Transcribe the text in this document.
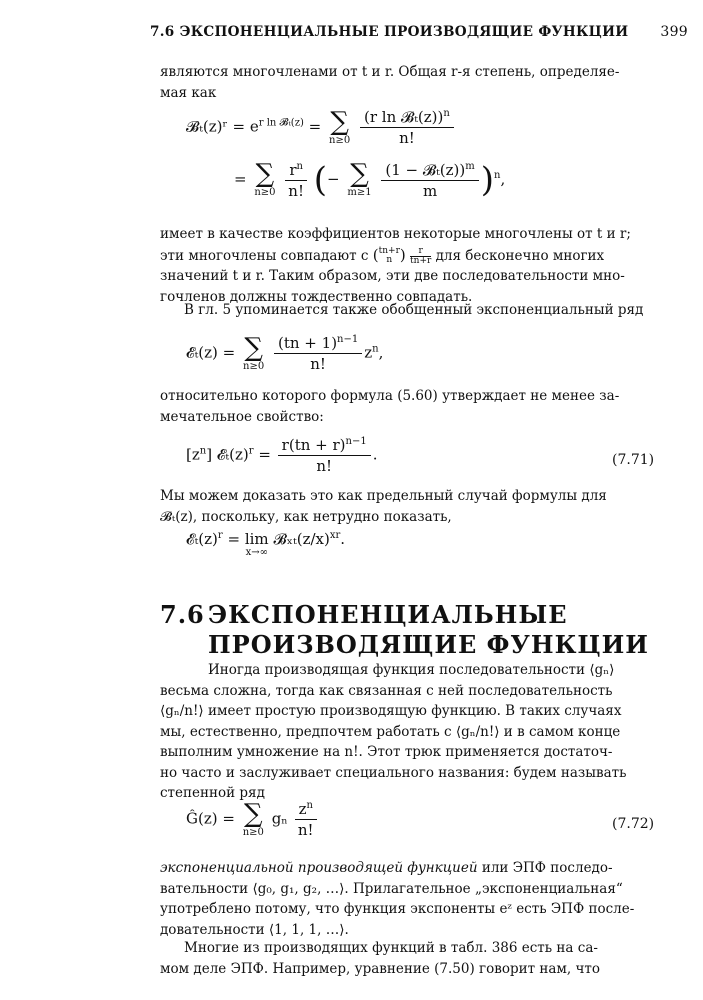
7.6 ЭКСПОНЕНЦИАЛЬНЫЕ ПРОИЗВОДЯЩИЕ ФУНКЦИИ 399
являются многочленами от t и r. Общая r-я степень, определяе-
мая как
𝓑ₜ(z)ʳ = $e^{r ln 𝓑_t(z)}$ = ∑
n≥0
$\frac{(r \ln 𝓑_t(z))^n}{n!}$
= ∑
n≥0
$\frac{r^n}{n!}$ (− ∑
m≥1
$\frac{(1 - 𝓑_t(z))^m}{m} )^n$,
имеет в качестве коэффициентов некоторые многочлены от t и r;
эти многочлены совпадают с ( tn+r
n ) $\frac{r}{tn+r}$ для бесконечно многих
значений t и r. Таким образом, эти две последовательности мно-
гочленов должны тождественно совпадать.
В гл. 5 упоминается также обобщенный экспоненциальный ряд
𝓔ₜ(z) = ∑
n≥0
$\frac{(tn + 1)^{n-1}}{n!} z^n$,
относительно которого формула (5.60) утверждает не менее за-
мечательное свойство:
$[z^n]$ $𝓔_t(z)^r = \frac{r(tn + r)^{n-1}}{n!}$ .	(7.71)
Мы можем доказать это как предельный случай формулы для
𝓑ₜ(z), поскольку, как нетрудно показать,
$𝓔_t(z)^r = \lim$
x→∞
$𝓑_{xt}(z/x)^{xr}$.
7.6 ЭКСПОНЕНЦИАЛЬНЫЕ
ПРОИЗВОДЯЩИЕ ФУНКЦИИ
Иногда производящая функция последовательности ⟨gₙ⟩
весьма сложна, тогда как связанная с ней последовательность
⟨gₙ/n!⟩ имеет простую производящую функцию. В таких случаях
мы, естественно, предпочтем работать с ⟨gₙ/n!⟩ и в самом конце
выполним умножение на n!. Этот трюк применяется достаточ-
но часто и заслуживает специального названия: будем называть
степенной ряд
Ĝ(z) = ∑
n≥0
gₙ $\frac{z^n}{n!}$	(7.72)
экспоненциальной производящей функцией или ЭПФ последо-
вательности ⟨g₀, g₁, g₂, …⟩. Прилагательное „экспоненциальная“
употреблено потому, что функция экспоненты eᶻ есть ЭПФ после-
довательности ⟨1, 1, 1, …⟩.
Многие из производящих функций в табл. 386 есть на са-
мом деле ЭПФ. Например, уравнение (7.50) говорит нам, что
